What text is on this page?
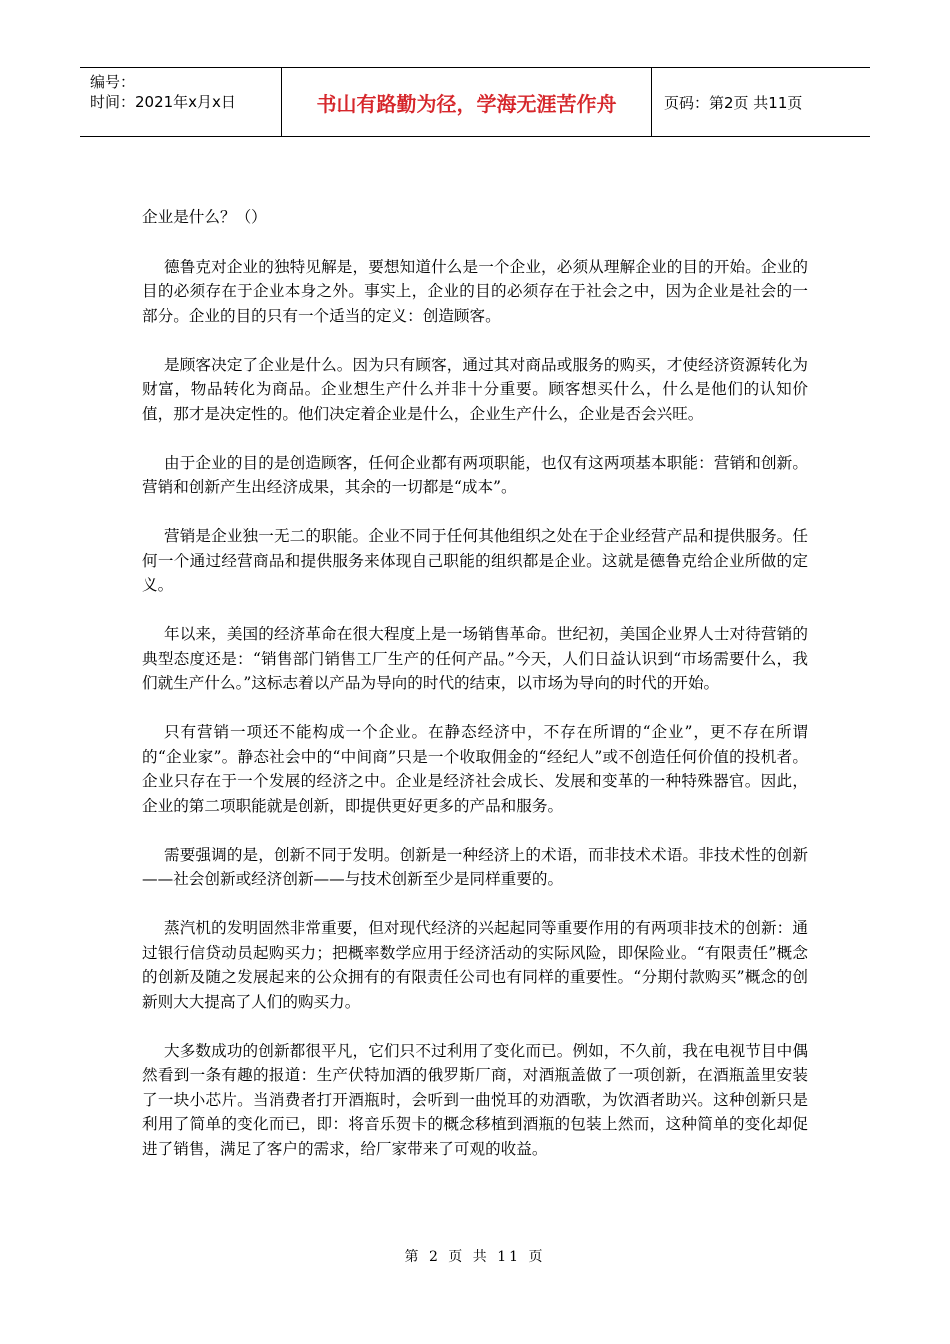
编号：
时间：2021年x月x日	书山有路勤为径，学海无涯苦作舟	页码：第2页 共11页

企业是什么？（）

德鲁克对企业的独特见解是，要想知道什么是一个企业，必须从理解企业的目的开始。企业的目的必须存在于企业本身之外。事实上，企业的目的必须存在于社会之中，因为企业是社会的一部分。企业的目的只有一个适当的定义：创造顾客。

是顾客决定了企业是什么。因为只有顾客，通过其对商品或服务的购买，才使经济资源转化为财富，物品转化为商品。企业想生产什么并非十分重要。顾客想买什么，什么是他们的认知价值，那才是决定性的。他们决定着企业是什么，企业生产什么，企业是否会兴旺。

由于企业的目的是创造顾客，任何企业都有两项职能，也仅有这两项基本职能：营销和创新。营销和创新产生出经济成果，其余的一切都是“成本”。

营销是企业独一无二的职能。企业不同于任何其他组织之处在于企业经营产品和提供服务。任何一个通过经营商品和提供服务来体现自己职能的组织都是企业。这就是德鲁克给企业所做的定义。

年以来，美国的经济革命在很大程度上是一场销售革命。世纪初，美国企业界人士对待营销的典型态度还是：“销售部门销售工厂生产的任何产品。”今天，人们日益认识到“市场需要什么，我们就生产什么。”这标志着以产品为导向的时代的结束，以市场为导向的时代的开始。

只有营销一项还不能构成一个企业。在静态经济中，不存在所谓的“企业”，更不存在所谓的“企业家”。静态社会中的“中间商”只是一个收取佣金的“经纪人”或不创造任何价值的投机者。企业只存在于一个发展的经济之中。企业是经济社会成长、发展和变革的一种特殊器官。因此，企业的第二项职能就是创新，即提供更好更多的产品和服务。

需要强调的是，创新不同于发明。创新是一种经济上的术语，而非技术术语。非技术性的创新——社会创新或经济创新——与技术创新至少是同样重要的。

蒸汽机的发明固然非常重要，但对现代经济的兴起起同等重要作用的有两项非技术的创新：通过银行信贷动员起购买力；把概率数学应用于经济活动的实际风险，即保险业。“有限责任”概念的创新及随之发展起来的公众拥有的有限责任公司也有同样的重要性。“分期付款购买”概念的创新则大大提高了人们的购买力。

大多数成功的创新都很平凡，它们只不过利用了变化而已。例如，不久前，我在电视节目中偶然看到一条有趣的报道：生产伏特加酒的俄罗斯厂商，对酒瓶盖做了一项创新，在酒瓶盖里安装了一块小芯片。当消费者打开酒瓶时，会听到一曲悦耳的劝酒歌，为饮酒者助兴。这种创新只是利用了简单的变化而已，即：将音乐贺卡的概念移植到酒瓶的包装上然而，这种简单的变化却促进了销售，满足了客户的需求，给厂家带来了可观的收益。

第 2 页 共 11 页
